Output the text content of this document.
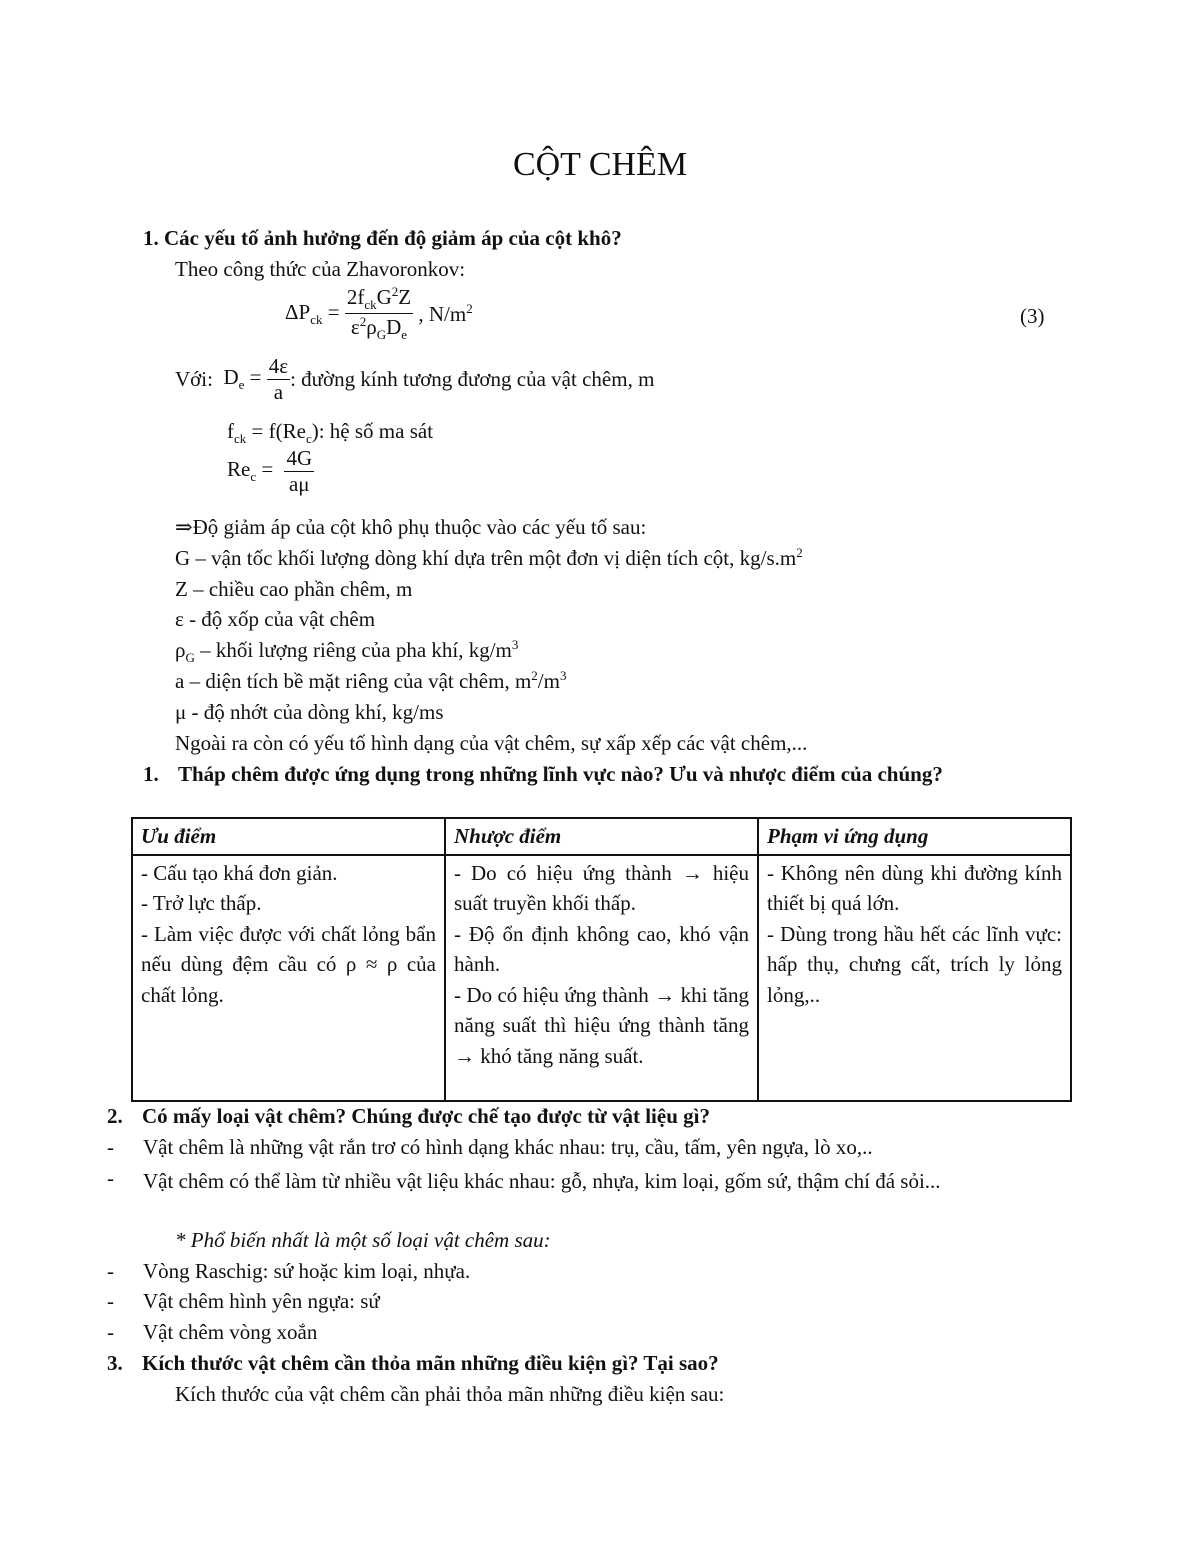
CỘT CHÊM
1. Các yếu tố ảnh hưởng đến độ giảm áp của cột khô?
Theo công thức của Zhavoronkov:
$\Delta P_{ck} = \frac{2f_{ck}G^2Z}{\varepsilon^2\rho_GD_e}$ , $N/m^2$	(3)
Với: $D_e = \frac{4\varepsilon}{a}$ : đường kính tương đương của vật chêm, m
$f_{ck} = f(Re_c)$: hệ số ma sát
$Re_c = \frac{4G}{a\mu}$
⇒Độ giảm áp của cột khô phụ thuộc vào các yếu tố sau:
G – vận tốc khối lượng dòng khí dựa trên một đơn vị diện tích cột, $kg/s.m^2$
Z – chiều cao phần chêm, m
ε - độ xốp của vật chêm
$\rho_G$ – khối lượng riêng của pha khí, $kg/m^3$
a – diện tích bề mặt riêng của vật chêm, $m^2/m^3$
μ - độ nhớt của dòng khí, kg/ms
Ngoài ra còn có yếu tố hình dạng của vật chêm, sự xấp xếp các vật chêm,...
1. Tháp chêm được ứng dụng trong những lĩnh vực nào? Ưu và nhược điểm của chúng?
Ưu điểm	Nhược điểm	Phạm vi ứng dụng

- Cấu tạo khá đơn giản.
- Trở lực thấp.
- Làm việc được với chất lỏng bẩn nếu dùng đệm cầu có ρ ≈ ρ của chất lỏng.	- Do có hiệu ứng thành → hiệu suất truyền khối thấp.
- Độ ổn định không cao, khó vận hành.
- Do có hiệu ứng thành → khi tăng năng suất thì hiệu ứng thành tăng → khó tăng năng suất.	- Không nên dùng khi đường kính thiết bị quá lớn.
- Dùng trong hầu hết các lĩnh vực: hấp thụ, chưng cất, trích ly lỏng lỏng,..
2. Có mấy loại vật chêm? Chúng được chế tạo được từ vật liệu gì?
- Vật chêm là những vật rắn trơ có hình dạng khác nhau: trụ, cầu, tấm, yên ngựa, lò xo,..
- Vật chêm có thể làm từ nhiều vật liệu khác nhau: gỗ, nhựa, kim loại, gốm sứ, thậm chí đá sỏi...
* Phổ biến nhất là một số loại vật chêm sau:
- Vòng Raschig: sứ hoặc kim loại, nhựa.
- Vật chêm hình yên ngựa: sứ
- Vật chêm vòng xoắn
3. Kích thước vật chêm cần thỏa mãn những điều kiện gì? Tại sao?
Kích thước của vật chêm cần phải thỏa mãn những điều kiện sau:
